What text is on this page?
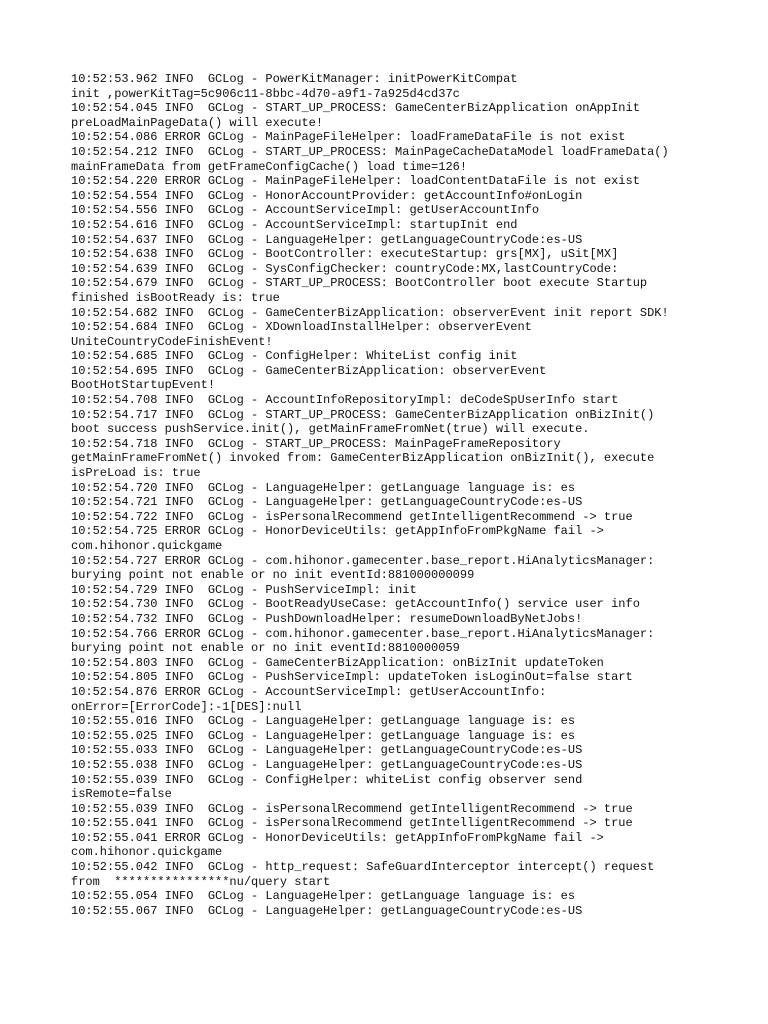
10:52:53.962 INFO  GCLog - PowerKitManager: initPowerKitCompat
init ,powerKitTag=5c906c11-8bbc-4d70-a9f1-7a925d4cd37c
10:52:54.045 INFO  GCLog - START_UP_PROCESS: GameCenterBizApplication onAppInit
preLoadMainPageData() will execute!
10:52:54.086 ERROR GCLog - MainPageFileHelper: loadFrameDataFile is not exist
10:52:54.212 INFO  GCLog - START_UP_PROCESS: MainPageCacheDataModel loadFrameData()
mainFrameData from getFrameConfigCache() load time=126!
10:52:54.220 ERROR GCLog - MainPageFileHelper: loadContentDataFile is not exist
10:52:54.554 INFO  GCLog - HonorAccountProvider: getAccountInfo#onLogin
10:52:54.556 INFO  GCLog - AccountServiceImpl: getUserAccountInfo
10:52:54.616 INFO  GCLog - AccountServiceImpl: startupInit end
10:52:54.637 INFO  GCLog - LanguageHelper: getLanguageCountryCode:es-US
10:52:54.638 INFO  GCLog - BootController: executeStartup: grs[MX], uSit[MX]
10:52:54.639 INFO  GCLog - SysConfigChecker: countryCode:MX,lastCountryCode:
10:52:54.679 INFO  GCLog - START_UP_PROCESS: BootController boot execute Startup
finished isBootReady is: true
10:52:54.682 INFO  GCLog - GameCenterBizApplication: observerEvent init report SDK!
10:52:54.684 INFO  GCLog - XDownloadInstallHelper: observerEvent
UniteCountryCodeFinishEvent!
10:52:54.685 INFO  GCLog - ConfigHelper: WhiteList config init
10:52:54.695 INFO  GCLog - GameCenterBizApplication: observerEvent
BootHotStartupEvent!
10:52:54.708 INFO  GCLog - AccountInfoRepositoryImpl: deCodeSpUserInfo start
10:52:54.717 INFO  GCLog - START_UP_PROCESS: GameCenterBizApplication onBizInit()
boot success pushService.init(), getMainFrameFromNet(true) will execute.
10:52:54.718 INFO  GCLog - START_UP_PROCESS: MainPageFrameRepository
getMainFrameFromNet() invoked from: GameCenterBizApplication onBizInit(), execute
isPreLoad is: true
10:52:54.720 INFO  GCLog - LanguageHelper: getLanguage language is: es
10:52:54.721 INFO  GCLog - LanguageHelper: getLanguageCountryCode:es-US
10:52:54.722 INFO  GCLog - isPersonalRecommend getIntelligentRecommend -> true
10:52:54.725 ERROR GCLog - HonorDeviceUtils: getAppInfoFromPkgName fail ->
com.hihonor.quickgame
10:52:54.727 ERROR GCLog - com.hihonor.gamecenter.base_report.HiAnalyticsManager:
burying point not enable or no init eventId:881000000099
10:52:54.729 INFO  GCLog - PushServiceImpl: init
10:52:54.730 INFO  GCLog - BootReadyUseCase: getAccountInfo() service user info
10:52:54.732 INFO  GCLog - PushDownloadHelper: resumeDownloadByNetJobs!
10:52:54.766 ERROR GCLog - com.hihonor.gamecenter.base_report.HiAnalyticsManager:
burying point not enable or no init eventId:8810000059
10:52:54.803 INFO  GCLog - GameCenterBizApplication: onBizInit updateToken
10:52:54.805 INFO  GCLog - PushServiceImpl: updateToken isLoginOut=false start
10:52:54.876 ERROR GCLog - AccountServiceImpl: getUserAccountInfo:
onError=[ErrorCode]:-1[DES]:null
10:52:55.016 INFO  GCLog - LanguageHelper: getLanguage language is: es
10:52:55.025 INFO  GCLog - LanguageHelper: getLanguage language is: es
10:52:55.033 INFO  GCLog - LanguageHelper: getLanguageCountryCode:es-US
10:52:55.038 INFO  GCLog - LanguageHelper: getLanguageCountryCode:es-US
10:52:55.039 INFO  GCLog - ConfigHelper: whiteList config observer send
isRemote=false
10:52:55.039 INFO  GCLog - isPersonalRecommend getIntelligentRecommend -> true
10:52:55.041 INFO  GCLog - isPersonalRecommend getIntelligentRecommend -> true
10:52:55.041 ERROR GCLog - HonorDeviceUtils: getAppInfoFromPkgName fail ->
com.hihonor.quickgame
10:52:55.042 INFO  GCLog - http_request: SafeGuardInterceptor intercept() request
from  ****************nu/query start
10:52:55.054 INFO  GCLog - LanguageHelper: getLanguage language is: es
10:52:55.067 INFO  GCLog - LanguageHelper: getLanguageCountryCode:es-US
